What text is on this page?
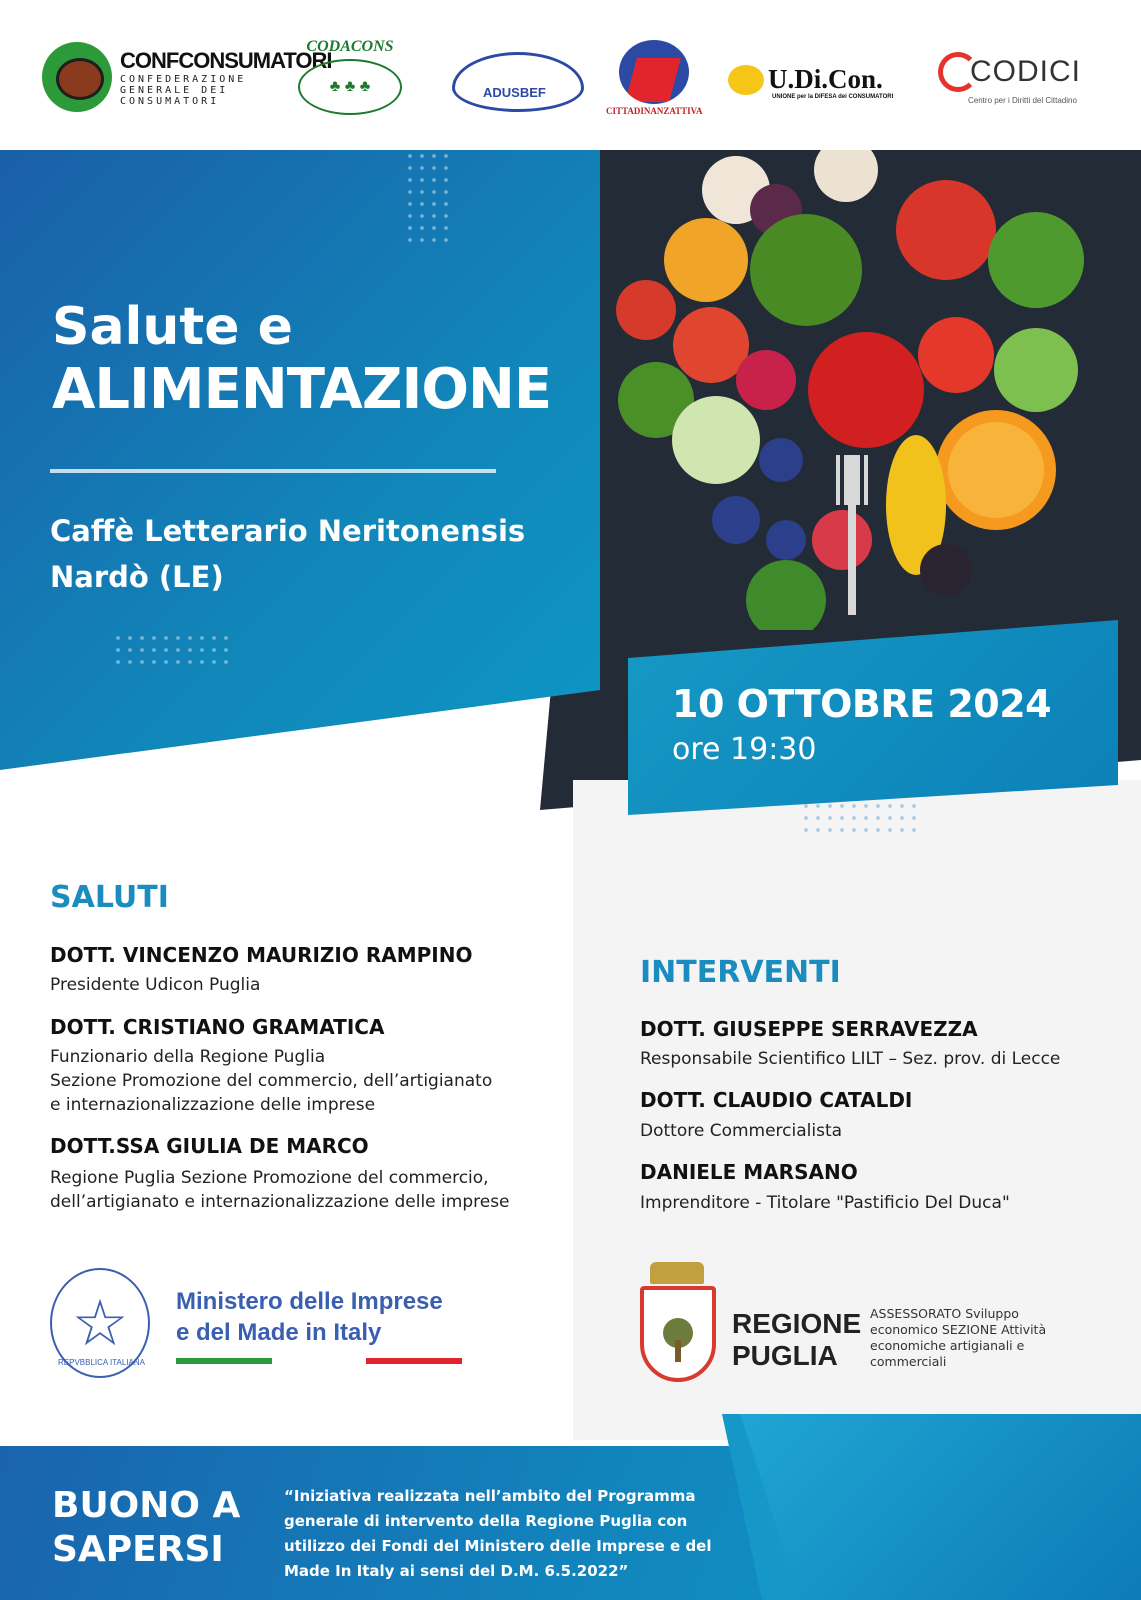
CONFCONSUMATORI
CONFEDERAZIONE GENERALE DEI CONSUMATORI
CODACONS
♣ ♣ ♣	ADUSBEF
CITTADINANZATTIVA
U.Di.Con.
UNIONE per la DIFESA dei CONSUMATORI
CODICI
Centro per i Diritti del Cittadino
Salute e
ALIMENTAZIONE
Caffè Letterario Neritonensis
Nardò (LE)
10 OTTOBRE 2024
ore 19:30
SALUTI
DOTT. VINCENZO MAURIZIO RAMPINO
Presidente Udicon Puglia
DOTT. CRISTIANO GRAMATICA
Funzionario della Regione Puglia
Sezione Promozione del commercio, dell’artigianato
e internazionalizzazione delle imprese
DOTT.SSA GIULIA DE MARCO
Regione Puglia Sezione Promozione del commercio,
dell’artigianato e internazionalizzazione delle imprese
INTERVENTI
DOTT. GIUSEPPE SERRAVEZZA
Responsabile Scientifico LILT – Sez. prov. di Lecce
DOTT. CLAUDIO CATALDI
Dottore Commercialista
DANIELE MARSANO
Imprenditore - Titolare "Pastificio Del Duca"
☆
REPVBBLICA ITALIANA
Ministero delle Imprese
e del Made in Italy	REGIONE
PUGLIA
ASSESSORATO Sviluppo economico SEZIONE Attività economiche artigianali e commerciali
BUONO A
SAPERSI
“Iniziativa realizzata nell’ambito del Programma generale di intervento della Regione Puglia con utilizzo dei Fondi del Ministero delle Imprese e del Made In Italy ai sensi del D.M. 6.5.2022”
